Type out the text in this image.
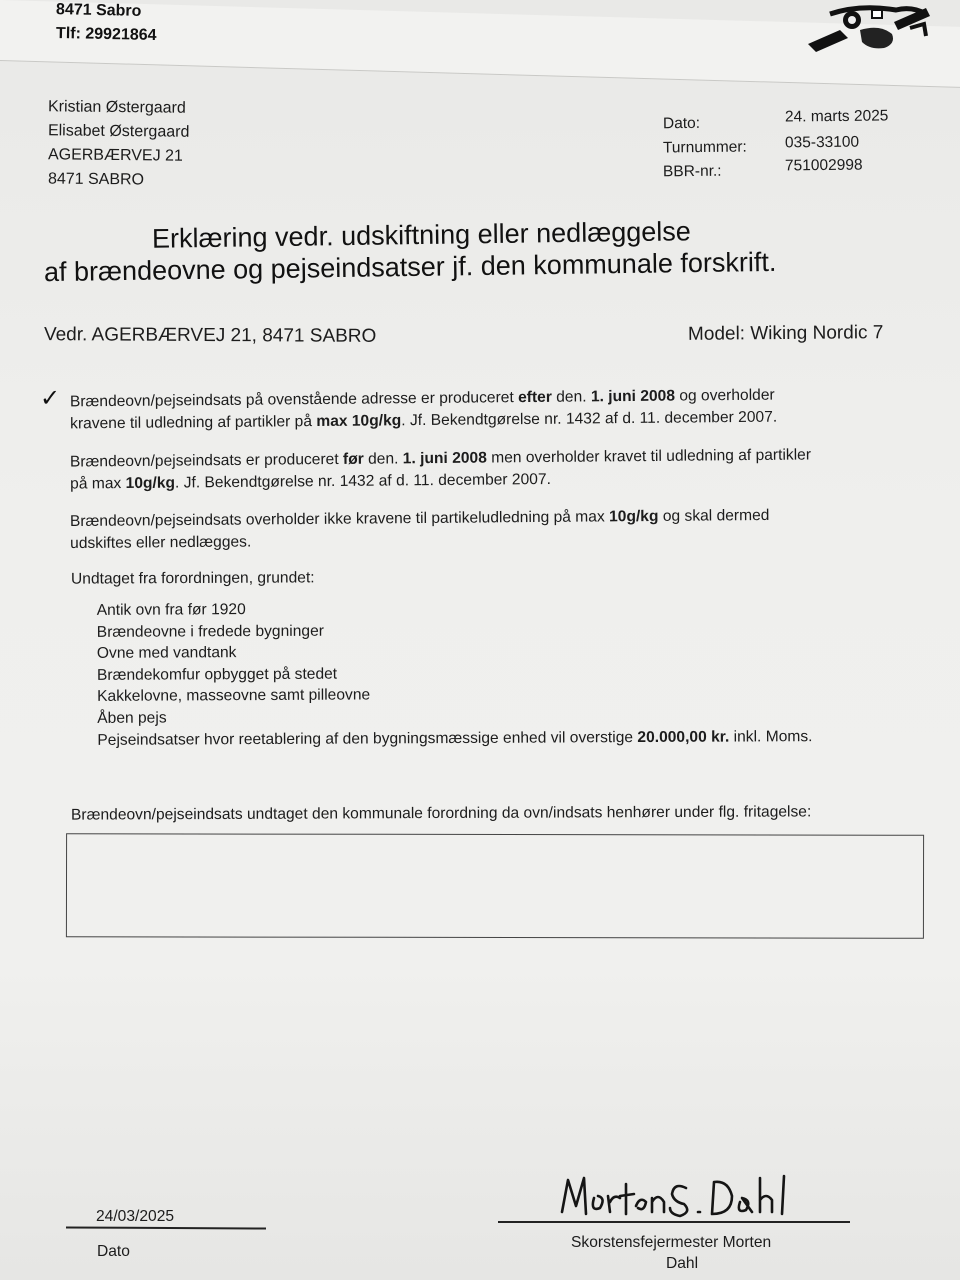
8471 Sabro
Tlf: 29921864
Kristian Østergaard
Elisabet Østergaard
AGERBÆRVEJ 21
8471 SABRO
Dato:	24. marts 2025
Turnummer: 035-33100
BBR-nr.:	751002998
Erklæring vedr. udskiftning eller nedlæggelse
af brændeovne og pejseindsatser jf. den kommunale forskrift.
Vedr. AGERBÆRVEJ 21, 8471 SABRO	Model: Wiking Nordic 7
✓ Brændeovn/pejseindsats på ovenstående adresse er produceret efter den. 1. juni 2008 og overholder
kravene til udledning af partikler på max 10g/kg. Jf. Bekendtgørelse nr. 1432 af d. 11. december 2007.
Brændeovn/pejseindsats er produceret før den. 1. juni 2008 men overholder kravet til udledning af partikler
på max 10g/kg. Jf. Bekendtgørelse nr. 1432 af d. 11. december 2007.
Brændeovn/pejseindsats overholder ikke kravene til partikeludledning på max 10g/kg og skal dermed
udskiftes eller nedlægges.
Undtaget fra forordningen, grundet:
Antik ovn fra før 1920
Brændeovne i fredede bygninger
Ovne med vandtank
Brændekomfur opbygget på stedet
Kakkelovne, masseovne samt pilleovne
Åben pejs
Pejseindsatser hvor reetablering af den bygningsmæssige enhed vil overstige 20.000,00 kr. inkl. Moms.
Brændeovn/pejseindsats undtaget den kommunale forordning da ovn/indsats henhører under flg. fritagelse:
24/03/2025
Dato
Skorstensfejermester Morten
Dahl
